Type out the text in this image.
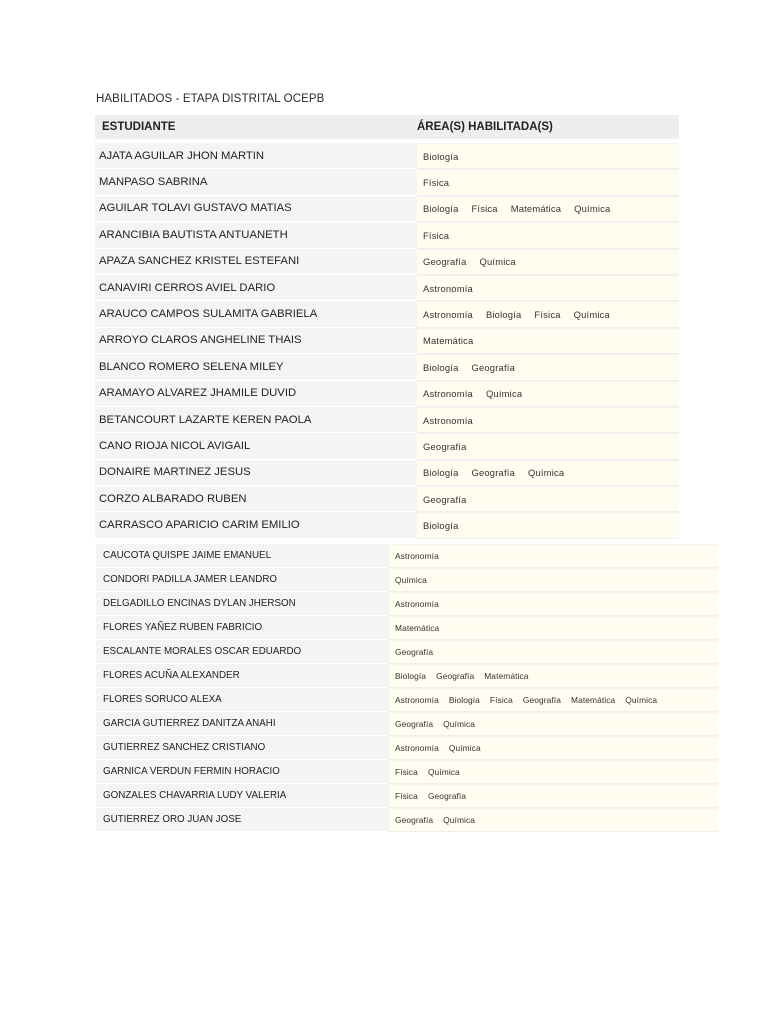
HABILITADOS - ETAPA DISTRITAL OCEPB
ESTUDIANTE	ÁREA(S) HABILITADA(S)
AJATA AGUILAR JHON MARTIN	Biología
MANPASO SABRINA	Física
AGUILAR TOLAVI GUSTAVO MATIAS	Biología Física Matemática Química
ARANCIBIA BAUTISTA ANTUANETH	Física
APAZA SANCHEZ KRISTEL ESTEFANI	Geografía Química
CANAVIRI CERROS AVIEL DARIO	Astronomía
ARAUCO CAMPOS SULAMITA GABRIELA	Astronomía Biología Física Química
ARROYO CLAROS ANGHELINE THAIS	Matemática
BLANCO ROMERO SELENA MILEY	Biología Geografía
ARAMAYO ALVAREZ JHAMILE DUVID	Astronomía Química
BETANCOURT LAZARTE KEREN PAOLA	Astronomía
CANO RIOJA NICOL AVIGAIL	Geografía
DONAIRE MARTINEZ JESUS	Biología Geografía Química
CORZO ALBARADO RUBEN	Geografía
CARRASCO APARICIO CARIM EMILIO	Biología
CAUCOTA QUISPE JAIME EMANUEL	Astronomía
CONDORI PADILLA JAMER LEANDRO	Química
DELGADILLO ENCINAS DYLAN JHERSON	Astronomía
FLORES YAÑEZ RUBEN FABRICIO	Matemática
ESCALANTE MORALES OSCAR EDUARDO	Geografía
FLORES ACUÑA ALEXANDER	Biología Geografía Matemática
FLORES SORUCO ALEXA	Astronomía Biología Física Geografía Matemática Química
GARCIA GUTIERREZ DANITZA ANAHI	Geografía Química
GUTIERREZ SANCHEZ CRISTIANO	Astronomía Química
GARNICA VERDUN FERMIN HORACIO	Física Química
GONZALES CHAVARRIA LUDY VALERIA	Física Geografía
GUTIERREZ ORO JUAN JOSE	Geografía Química
